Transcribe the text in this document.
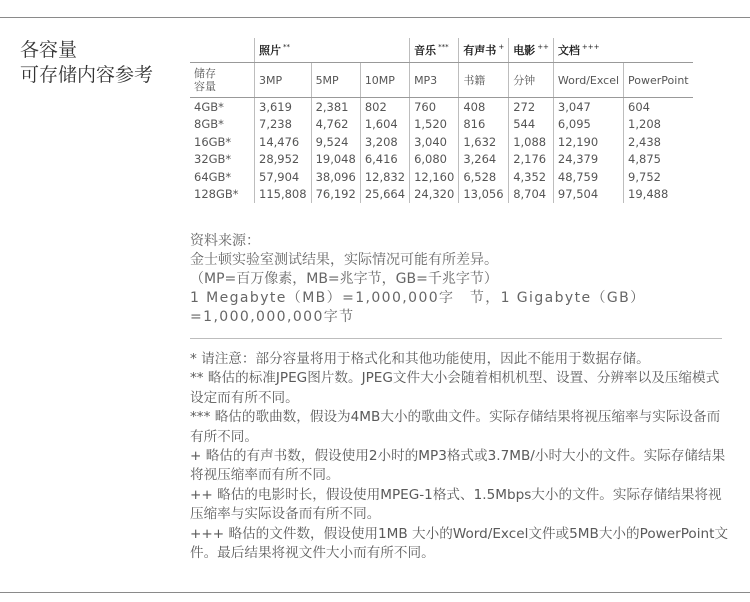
各容量
可存储内容参考
	照片 **			音乐 ***	有声书 +	电影 ++	文档 +++

储存
容量	3MP	5MP	10MP	MP3	书籍	分钟	Word/Excel	PowerPoint
4GB*	3,619	2,381	802	760	408	272	3,047	604
8GB*	7,238	4,762	1,604	1,520	816	544	6,095	1,208
16GB*	14,476	9,524	3,208	3,040	1,632	1,088	12,190	2,438
32GB*	28,952	19,048	6,416	6,080	3,264	2,176	24,379	4,875
64GB*	57,904	38,096	12,832	12,160	6,528	4,352	48,759	9,752
128GB*	115,808	76,192	25,664	24,320	13,056	8,704	97,504	19,488
资料来源：
金士顿实验室测试结果，实际情况可能有所差异。
（MP=百万像素，MB=兆字节，GB=千兆字节）
1 Megabyte（MB）=1,000,000字　节，1 Gigabyte（GB）
=1,000,000,000字节

* 请注意：部分容量将用于格式化和其他功能使用，因此不能用于数据存储。

** 略估的标准JPEG图片数。JPEG文件大小会随着相机机型、设置、分辨率以及压缩模式设定而有所不同。

*** 略估的歌曲数，假设为4MB大小的歌曲文件。实际存储结果将视压缩率与实际设备而有所不同。

+ 略估的有声书数，假设使用2小时的MP3格式或3.7MB/小时大小的文件。实际存储结果将视压缩率而有所不同。

++ 略估的电影时长，假设使用MPEG-1格式、1.5Mbps大小的文件。实际存储结果将视压缩率与实际设备而有所不同。

+++ 略估的文件数，假设使用1MB 大小的Word/Excel文件或5MB大小的PowerPoint文件。最后结果将视文件大小而有所不同。
